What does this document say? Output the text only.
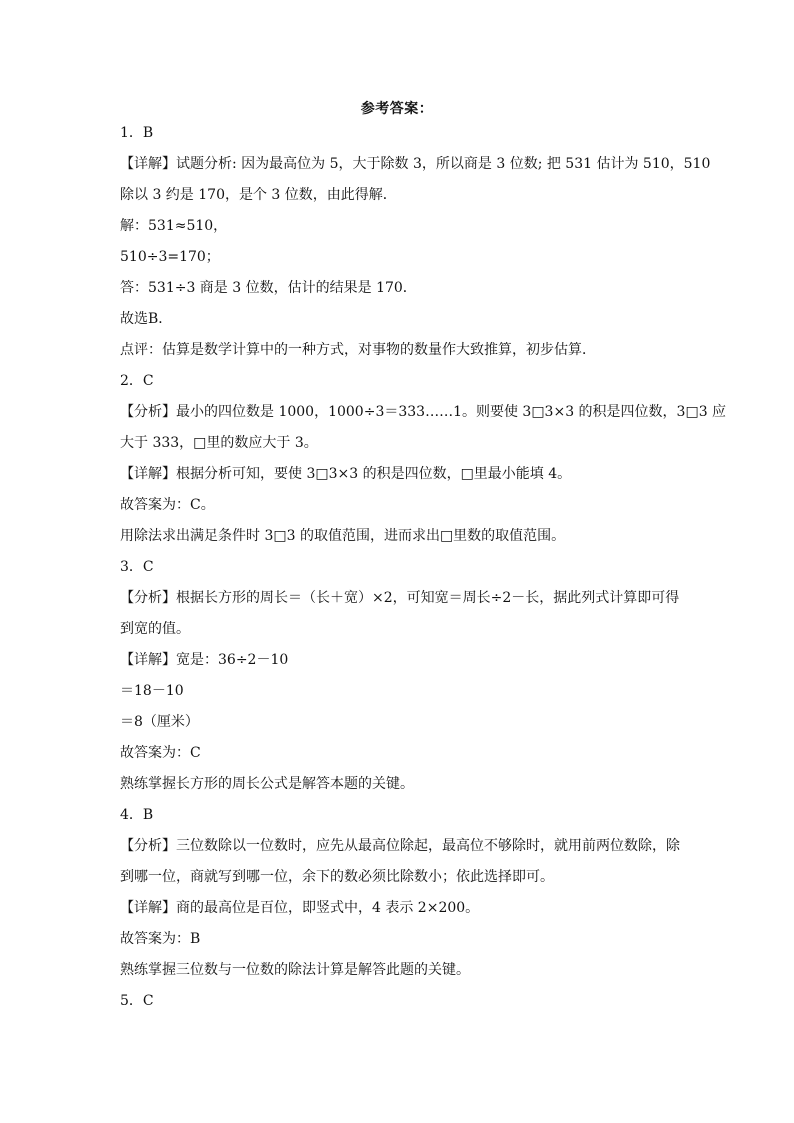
参考答案：
1．B
【详解】试题分析: 因为最高位为 5，大于除数 3，所以商是 3 位数; 把 531 估计为 510，510
除以 3 约是 170，是个 3 位数，由此得解．
解：531≈510，
510÷3=170；
答：531÷3 商是 3 位数，估计的结果是 170．
故选B．
点评：估算是数学计算中的一种方式，对事物的数量作大致推算，初步估算．
2．C
【分析】最小的四位数是 1000，1000÷3＝333……1。则要使 3□3×3 的积是四位数，3□3 应
大于 333，□里的数应大于 3。
【详解】根据分析可知，要使 3□3×3 的积是四位数，□里最小能填 4。
故答案为：C。
用除法求出满足条件时 3□3 的取值范围，进而求出□里数的取值范围。
3．C
【分析】根据长方形的周长＝（长＋宽）×2，可知宽＝周长÷2－长，据此列式计算即可得
到宽的值。
【详解】宽是：36÷2－10
＝18－10
＝8（厘米）
故答案为：C
熟练掌握长方形的周长公式是解答本题的关键。
4．B
【分析】三位数除以一位数时，应先从最高位除起，最高位不够除时，就用前两位数除，除
到哪一位，商就写到哪一位，余下的数必须比除数小；依此选择即可。
【详解】商的最高位是百位，即竖式中，4 表示 2×200。
故答案为：B
熟练掌握三位数与一位数的除法计算是解答此题的关键。
5．C
